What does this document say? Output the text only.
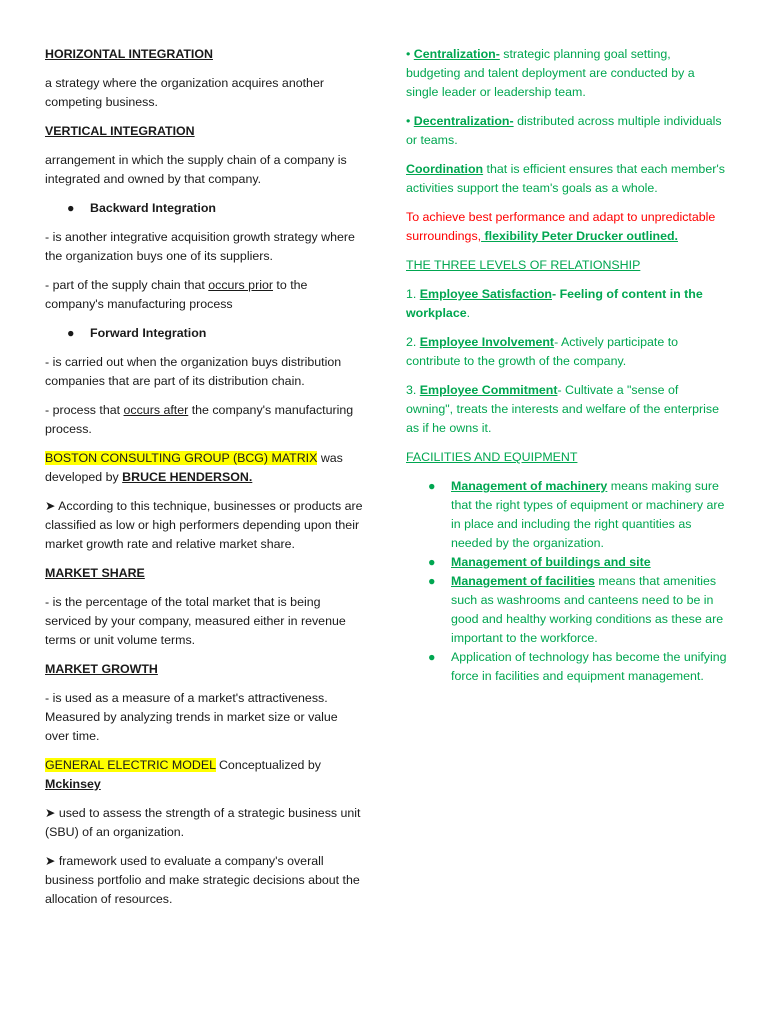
HORIZONTAL INTEGRATION

a strategy where the organization acquires another competing business.

VERTICAL INTEGRATION

arrangement in which the supply chain of a company is integrated and owned by that company.

● Backward Integration

- is another integrative acquisition growth strategy where the organization buys one of its suppliers.

- part of the supply chain that occurs prior to the company's manufacturing process

● Forward Integration

- is carried out when the organization buys distribution companies that are part of its distribution chain.

- process that occurs after the company's manufacturing process.

BOSTON CONSULTING GROUP (BCG) MATRIX was developed by BRUCE HENDERSON.

➤ According to this technique, businesses or products are classified as low or high performers depending upon their market growth rate and relative market share.

MARKET SHARE

- is the percentage of the total market that is being serviced by your company, measured either in revenue terms or unit volume terms.

MARKET GROWTH

- is used as a measure of a market's attractiveness. Measured by analyzing trends in market size or value over time.

GENERAL ELECTRIC MODEL Conceptualized by Mckinsey

➤ used to assess the strength of a strategic business unit (SBU) of an organization.

➤ framework used to evaluate a company's overall business portfolio and make strategic decisions about the allocation of resources.

• Centralization- strategic planning goal setting, budgeting and talent deployment are conducted by a single leader or leadership team.

• Decentralization- distributed across multiple individuals or teams.

Coordination that is efficient ensures that each member's activities support the team's goals as a whole.

To achieve best performance and adapt to unpredictable surroundings, flexibility Peter Drucker outlined.

THE THREE LEVELS OF RELATIONSHIP

1. Employee Satisfaction- Feeling of content in the workplace.

2. Employee Involvement- Actively participate to contribute to the growth of the company.

3. Employee Commitment- Cultivate a "sense of owning", treats the interests and welfare of the enterprise as if he owns it.

FACILITIES AND EQUIPMENT

● Management of machinery means making sure that the right types of equipment or machinery are in place and including the right quantities as needed by the organization.
● Management of buildings and site
● Management of facilities means that amenities such as washrooms and canteens need to be in good and healthy working conditions as these are important to the workforce.
● Application of technology has become the unifying force in facilities and equipment management.
